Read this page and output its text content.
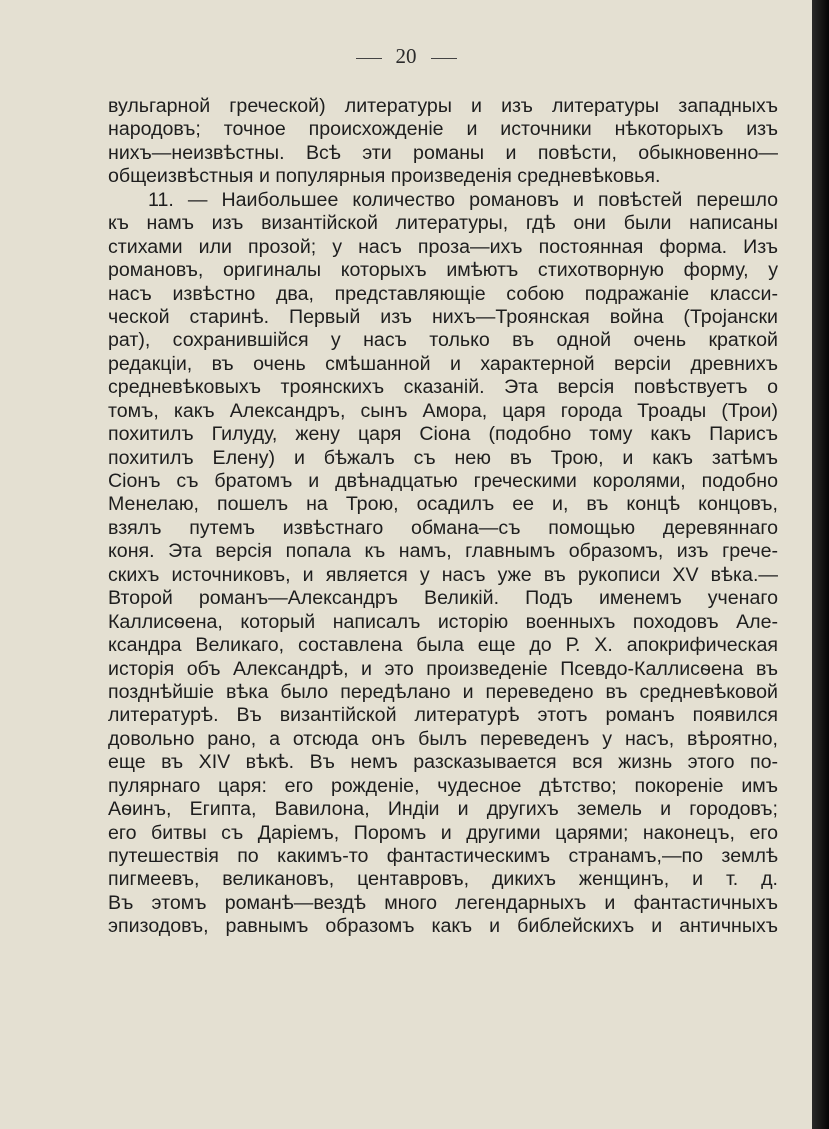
20
вульгарной греческой) литературы и изъ литературы западныхъ
народовъ; точное происхожденіе и источники нѣкоторыхъ изъ
нихъ—неизвѣстны. Всѣ эти романы и повѣсти, обыкновенно—
общеизвѣстныя и популярныя произведенія средневѣковья.
11. — Наибольшее количество романовъ и повѣстей перешло
къ намъ изъ византійской литературы, гдѣ они были написаны
стихами или прозой; у насъ проза—ихъ постоянная форма. Изъ
романовъ, оригиналы которыхъ имѣютъ стихотворную форму, у
насъ извѣстно два, представляющіе собою подражаніе класси-
ческой старинѣ. Первый изъ нихъ—Троянская война (Тројански
рат), сохранившійся у насъ только въ одной очень краткой
редакціи, въ очень смѣшанной и характерной версіи древнихъ
средневѣковыхъ троянскихъ сказаній. Эта версія повѣствуетъ о
томъ, какъ Александръ, сынъ Амора, царя города Троады (Трои)
похитилъ Гилуду, жену царя Сіона (подобно тому какъ Парисъ
похитилъ Елену) и бѣжалъ съ нею въ Трою, и какъ затѣмъ
Сіонъ съ братомъ и двѣнадцатью греческими королями, подобно
Менелаю, пошелъ на Трою, осадилъ ее и, въ концѣ концовъ,
взялъ путемъ извѣстнаго обмана—съ помощью деревяннаго
коня. Эта версія попала къ намъ, главнымъ образомъ, изъ грече-
скихъ источниковъ, и является у насъ уже въ рукописи XV вѣка.—
Второй романъ—Александръ Великій. Подъ именемъ ученаго
Каллисѳена, который написалъ исторію военныхъ походовъ Але-
ксандра Великаго, составлена была еще до Р. Х. апокрифическая
исторія объ Александрѣ, и это произведеніе Псевдо-Каллисѳена въ
позднѣйшіе вѣка было передѣлано и переведено въ средневѣковой
литературѣ. Въ византійской литературѣ этотъ романъ появился
довольно рано, а отсюда онъ былъ переведенъ у насъ, вѣроятно,
еще въ XIV вѣкѣ. Въ немъ разсказывается вся жизнь этого по-
пулярнаго царя: его рожденіе, чудесное дѣтство; покореніе имъ
Аѳинъ, Египта, Вавилона, Индіи и другихъ земель и городовъ;
его битвы съ Даріемъ, Поромъ и другими царями; наконецъ, его
путешествія по какимъ-то фантастическимъ странамъ,—по землѣ
пигмеевъ, великановъ, центавровъ, дикихъ женщинъ, и т. д.
Въ этомъ романѣ—вездѣ много легендарныхъ и фантастичныхъ
эпизодовъ, равнымъ образомъ какъ и библейскихъ и античныхъ
